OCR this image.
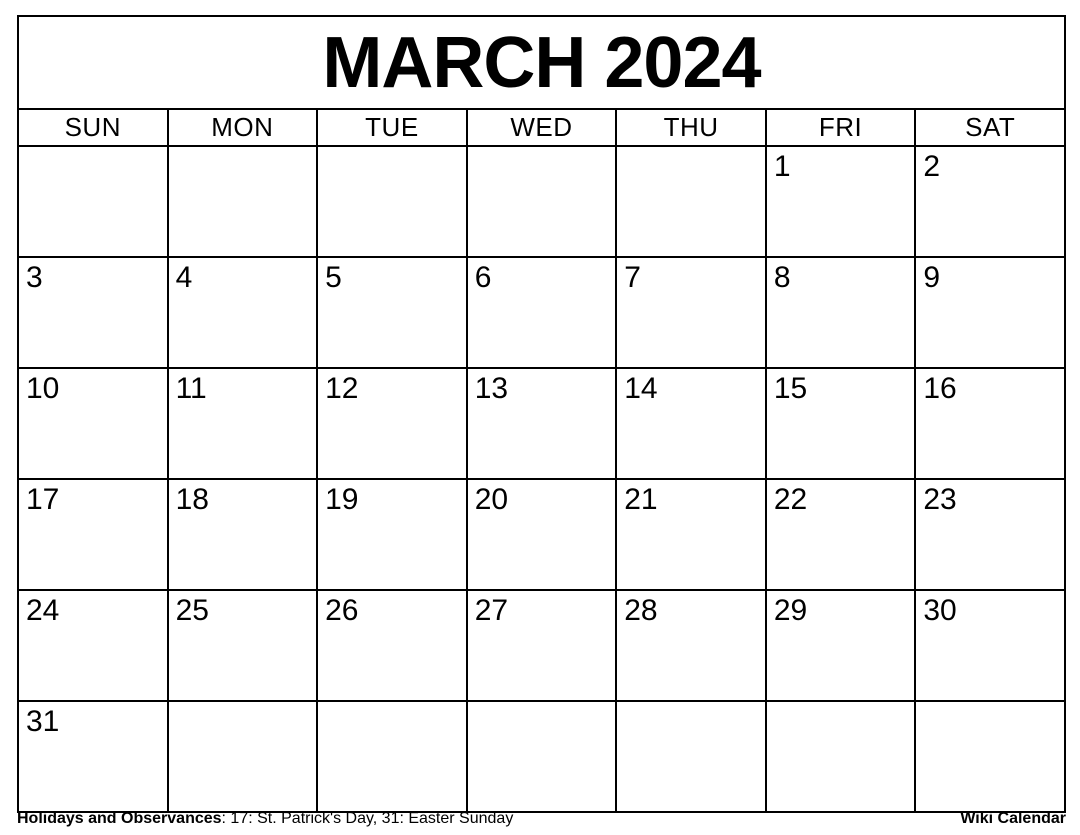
MARCH 2024						
SUN	MON	TUE	WED	THU	FRI	SAT
					1	2
3	4	5	6	7	8	9
10	11	12	13	14	15	16
17	18	19	20	21	22	23
24	25	26	27	28	29	30
31						
Holidays and Observances: 17: St. Patrick's Day, 31: Easter Sunday	Wiki Calendar
